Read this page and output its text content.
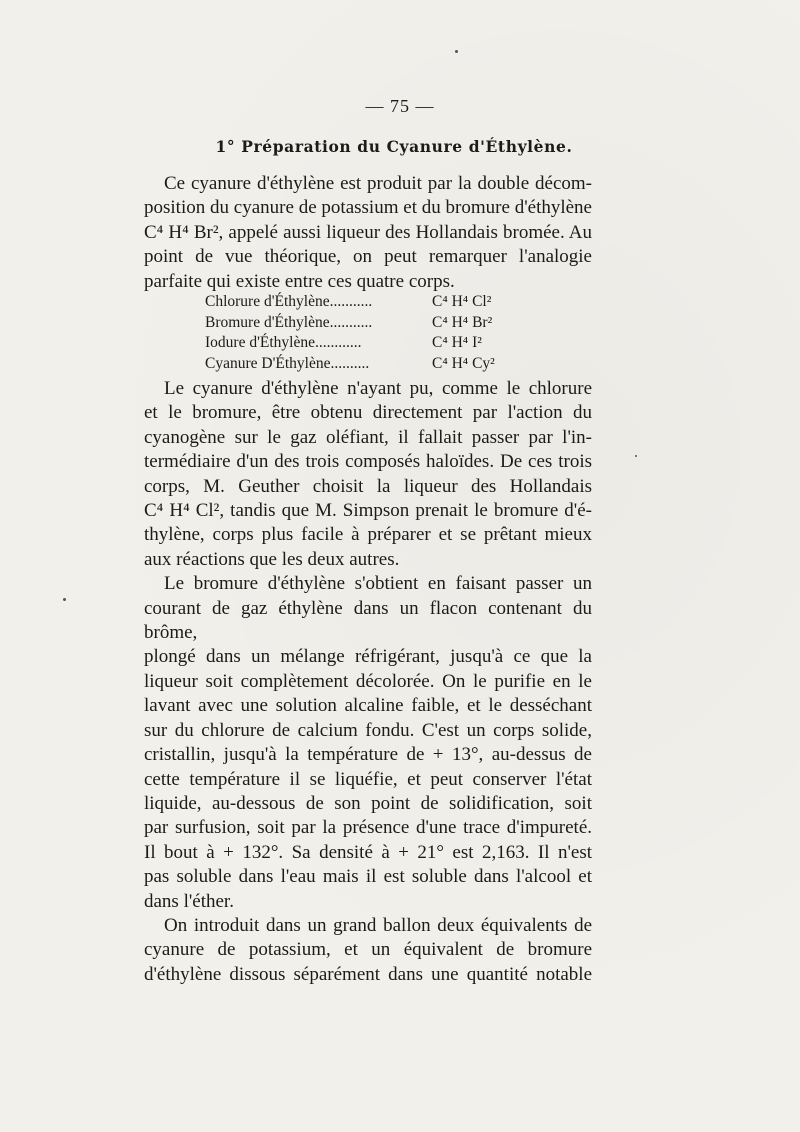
— 75 —
1° Préparation du Cyanure d'Éthylène.
Ce cyanure d'éthylène est produit par la double décom-
position du cyanure de potassium et du bromure d'éthylène
C⁴ H⁴ Br², appelé aussi liqueur des Hollandais bromée. Au
point de vue théorique, on peut remarquer l'analogie
parfaite qui existe entre ces quatre corps.
Chlorure d'Éthylène...........	C⁴ H⁴ Cl²
Bromure d'Éthylène...........	C⁴ H⁴ Br²
Iodure d'Éthylène............	C⁴ H⁴ I²
Cyanure D'Éthylène..........	C⁴ H⁴ Cy²
Le cyanure d'éthylène n'ayant pu, comme le chlorure
et le bromure, être obtenu directement par l'action du
cyanogène sur le gaz oléfiant, il fallait passer par l'in-
termédiaire d'un des trois composés haloïdes. De ces trois
corps, M. Geuther choisit la liqueur des Hollandais
C⁴ H⁴ Cl², tandis que M. Simpson prenait le bromure d'é-
thylène, corps plus facile à préparer et se prêtant mieux
aux réactions que les deux autres.
Le bromure d'éthylène s'obtient en faisant passer un
courant de gaz éthylène dans un flacon contenant du brôme,
plongé dans un mélange réfrigérant, jusqu'à ce que la
liqueur soit complètement décolorée. On le purifie en le
lavant avec une solution alcaline faible, et le desséchant
sur du chlorure de calcium fondu. C'est un corps solide,
cristallin, jusqu'à la température de + 13°, au-dessus de
cette température il se liquéfie, et peut conserver l'état
liquide, au-dessous de son point de solidification, soit
par surfusion, soit par la présence d'une trace d'impureté.
Il bout à + 132°. Sa densité à + 21° est 2,163. Il n'est
pas soluble dans l'eau mais il est soluble dans l'alcool et
dans l'éther.
On introduit dans un grand ballon deux équivalents de
cyanure de potassium, et un équivalent de bromure
d'éthylène dissous séparément dans une quantité notable
